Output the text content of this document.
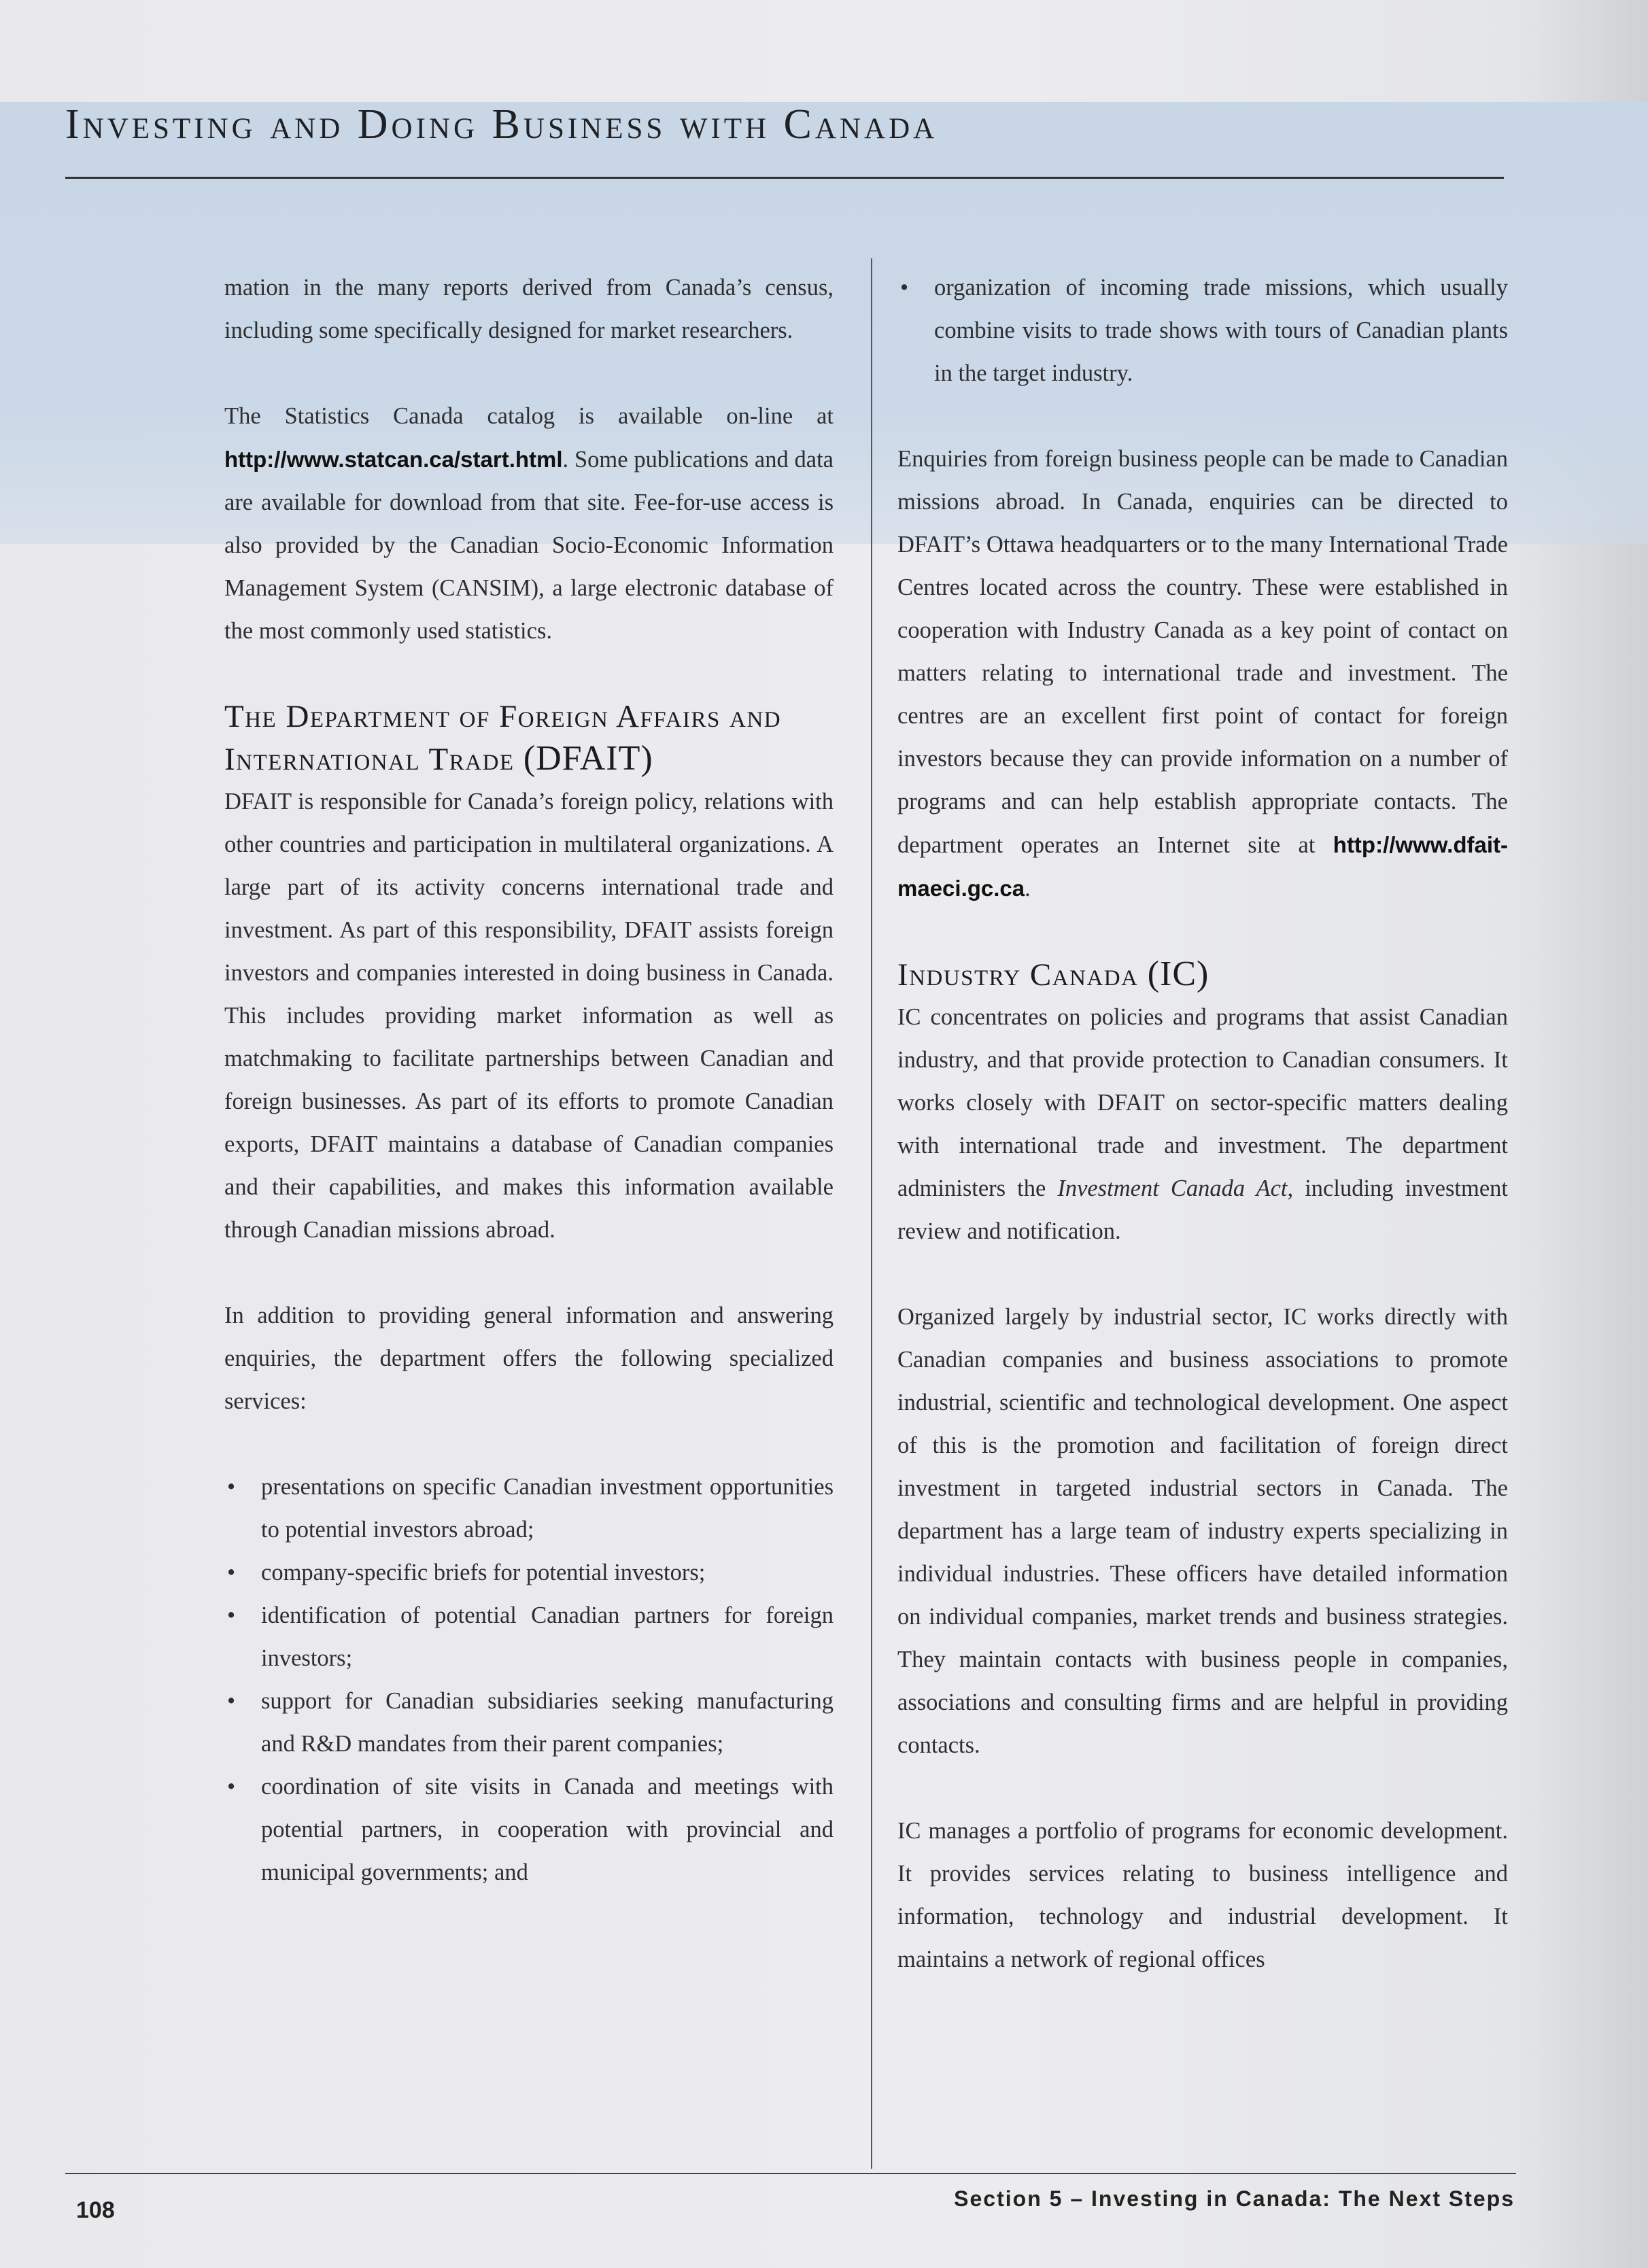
Investing and Doing Business with Canada

mation in the many reports derived from Canada’s census, including some specifically designed for market researchers.

The Statistics Canada catalog is available on-line at http://www.statcan.ca/start.html. Some publications and data are available for download from that site. Fee-for-use access is also provided by the Canadian Socio-Economic Information Management System (CANSIM), a large electronic database of the most commonly used statistics.

The Department of Foreign Affairs and International Trade (DFAIT)

DFAIT is responsible for Canada’s foreign policy, relations with other countries and participation in multilateral organizations. A large part of its activity concerns international trade and investment. As part of this responsibility, DFAIT assists foreign investors and companies interested in doing business in Canada. This includes providing market information as well as matchmaking to facilitate partnerships between Canadian and foreign businesses. As part of its efforts to promote Canadian exports, DFAIT maintains a database of Canadian companies and their capabilities, and makes this information available through Canadian missions abroad.

In addition to providing general information and answering enquiries, the department offers the following specialized services:

• presentations on specific Canadian investment opportunities to potential investors abroad;
• company-specific briefs for potential investors;
• identification of potential Canadian partners for foreign investors;
• support for Canadian subsidiaries seeking manufacturing and R&D mandates from their parent companies;
• coordination of site visits in Canada and meetings with potential partners, in cooperation with provincial and municipal governments; and
• organization of incoming trade missions, which usually combine visits to trade shows with tours of Canadian plants in the target industry.

Enquiries from foreign business people can be made to Canadian missions abroad. In Canada, enquiries can be directed to DFAIT’s Ottawa headquarters or to the many International Trade Centres located across the country. These were established in cooperation with Industry Canada as a key point of contact on matters relating to international trade and investment. The centres are an excellent first point of contact for foreign investors because they can provide information on a number of programs and can help establish appropriate contacts. The department operates an Internet site at http://www.dfait-maeci.gc.ca.

Industry Canada (IC)

IC concentrates on policies and programs that assist Canadian industry, and that provide protection to Canadian consumers. It works closely with DFAIT on sector-specific matters dealing with international trade and investment. The department administers the Investment Canada Act, including investment review and notification.

Organized largely by industrial sector, IC works directly with Canadian companies and business associations to promote industrial, scientific and technological development. One aspect of this is the promotion and facilitation of foreign direct investment in targeted industrial sectors in Canada. The department has a large team of industry experts specializing in individual industries. These officers have detailed information on individual companies, market trends and business strategies. They maintain contacts with business people in companies, associations and consulting firms and are helpful in providing contacts.

IC manages a portfolio of programs for economic development. It provides services relating to business intelligence and information, technology and industrial development. It maintains a network of regional offices

108	Section 5 – Investing in Canada: The Next Steps
